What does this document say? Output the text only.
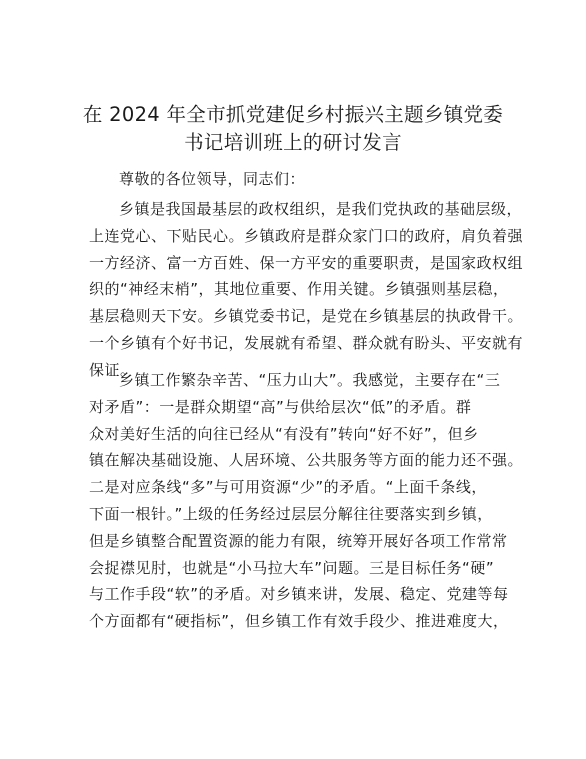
在 2024 年全市抓党建促乡村振兴主题乡镇党委
书记培训班上的研讨发言
尊敬的各位领导，同志们：
乡镇是我国最基层的政权组织，是我们党执政的基础层级，
上连党心、下贴民心。乡镇政府是群众家门口的政府，肩负着强
一方经济、富一方百姓、保一方平安的重要职责，是国家政权组
织的“神经末梢”，其地位重要、作用关键。乡镇强则基层稳，
基层稳则天下安。乡镇党委书记，是党在乡镇基层的执政骨干。
一个乡镇有个好书记，发展就有希望、群众就有盼头、平安就有
保证。
乡镇工作繁杂辛苦、“压力山大”。我感觉，主要存在“三
对矛盾”：一是群众期望“高”与供给层次“低”的矛盾。群
众对美好生活的向往已经从“有没有”转向“好不好”，但乡
镇在解决基础设施、人居环境、公共服务等方面的能力还不强。
二是对应条线“多”与可用资源“少”的矛盾。“上面千条线，
下面一根针。”上级的任务经过层层分解往往要落实到乡镇，
但是乡镇整合配置资源的能力有限，统筹开展好各项工作常常
会捉襟见肘，也就是“小马拉大车”问题。三是目标任务“硬”
与工作手段“软”的矛盾。对乡镇来讲，发展、稳定、党建等每
个方面都有“硬指标”，但乡镇工作有效手段少、推进难度大，
